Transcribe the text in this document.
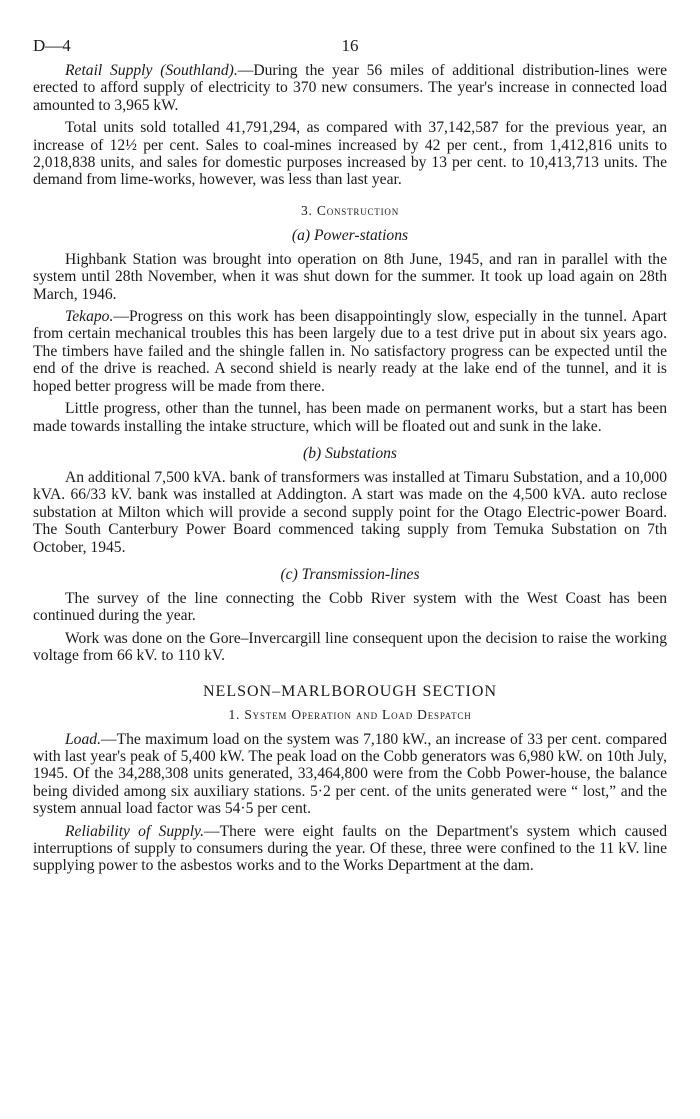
D—4	16

Retail Supply (Southland).—During the year 56 miles of additional distribution-lines were erected to afford supply of electricity to 370 new consumers. The year's increase in connected load amounted to 3,965 kW.

Total units sold totalled 41,791,294, as compared with 37,142,587 for the previous year, an increase of 12½ per cent. Sales to coal-mines increased by 42 per cent., from 1,412,816 units to 2,018,838 units, and sales for domestic purposes increased by 13 per cent. to 10,413,713 units. The demand from lime-works, however, was less than last year.

3. Construction
(a) Power-stations

Highbank Station was brought into operation on 8th June, 1945, and ran in parallel with the system until 28th November, when it was shut down for the summer. It took up load again on 28th March, 1946.

Tekapo.—Progress on this work has been disappointingly slow, especially in the tunnel. Apart from certain mechanical troubles this has been largely due to a test drive put in about six years ago. The timbers have failed and the shingle fallen in. No satisfactory progress can be expected until the end of the drive is reached. A second shield is nearly ready at the lake end of the tunnel, and it is hoped better progress will be made from there.

Little progress, other than the tunnel, has been made on permanent works, but a start has been made towards installing the intake structure, which will be floated out and sunk in the lake.

(b) Substations

An additional 7,500 kVA. bank of transformers was installed at Timaru Substation, and a 10,000 kVA. 66/33 kV. bank was installed at Addington. A start was made on the 4,500 kVA. auto reclose substation at Milton which will provide a second supply point for the Otago Electric-power Board. The South Canterbury Power Board commenced taking supply from Temuka Substation on 7th October, 1945.

(c) Transmission-lines

The survey of the line connecting the Cobb River system with the West Coast has been continued during the year.

Work was done on the Gore–Invercargill line consequent upon the decision to raise the working voltage from 66 kV. to 110 kV.

NELSON–MARLBOROUGH SECTION
1. System Operation and Load Despatch

Load.—The maximum load on the system was 7,180 kW., an increase of 33 per cent. compared with last year's peak of 5,400 kW. The peak load on the Cobb generators was 6,980 kW. on 10th July, 1945. Of the 34,288,308 units generated, 33,464,800 were from the Cobb Power-house, the balance being divided among six auxiliary stations. 5·2 per cent. of the units generated were “ lost,” and the system annual load factor was 54·5 per cent.

Reliability of Supply.—There were eight faults on the Department's system which caused interruptions of supply to consumers during the year. Of these, three were confined to the 11 kV. line supplying power to the asbestos works and to the Works Department at the dam.
